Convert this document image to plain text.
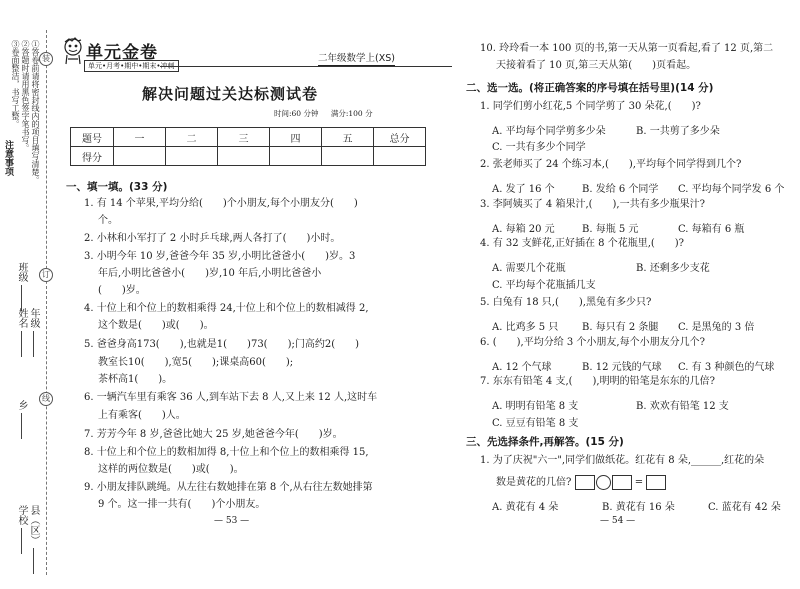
装
订
线
①答卷前请将密封线内的项目填写清楚。
②答题时请用黑色签字笔书写。
③卷面整洁，书写工整。
注意事项
班级
年级
姓名
乡
县（区）
学校
单元金卷
单元•月考•期中•期末•冲刺
二年级数学上(XS)
解决问题过关达标测试卷
时间:60 分钟 满分:100 分
题号	一	二	三	四	五	总分
得分						
一、填一填。(33 分)
1. 有 14 个苹果,平均分给(　　)个小朋友,每个小朋友分(　　)
个。
2. 小林和小军打了 2 小时乒乓球,两人各打了(　　)小时。
3. 小明今年 10 岁,爸爸今年 35 岁,小明比爸爸小(　　)岁。3
年后,小明比爸爸小(　　)岁,10 年后,小明比爸爸小
(　　)岁。
4. 十位上和个位上的数相乘得 24,十位上和个位上的数相减得 2,
这个数是(　　)或(　　)。
5. 爸爸身高173(　　),也就是1(　　)73(　　);门高约2(　　)
教室长10(　　),宽5(　　);课桌高60(　　);
茶杯高1(　　)。
6. 一辆汽车里有乘客 36 人,到车站下去 8 人,又上来 12 人,这时车
上有乘客(　　)人。
7. 芳芳今年 8 岁,爸爸比她大 25 岁,她爸爸今年(　　)岁。
8. 十位上和个位上的数相加得 8,十位上和个位上的数相乘得 15,
这样的两位数是(　　)或(　　)。
9. 小朋友排队跳绳。从左往右数她排在第 8 个,从右往左数她排第
9 个。这一排一共有(　　)个小朋友。
— 53 —
10. 玲玲看一本 100 页的书,第一天从第一页看起,看了 12 页,第二
天接着看了 10 页,第三天从第(　　)页看起。
二、选一选。(将正确答案的序号填在括号里)(14 分)
1. 同学们剪小红花,5 个同学剪了 30 朵花,(　　)?
A. 平均每个同学剪多少朵	B. 一共剪了多少朵
C. 一共有多少个同学
2. 张老师买了 24 个练习本,(　　),平均每个同学得到几个?
A. 发了 16 个	B. 发给 6 个同学 C. 平均每个同学发 6 个
3. 李阿姨买了 4 箱果汁,(　　),一共有多少瓶果汁?
A. 每箱 20 元	B. 每瓶 5 元	C. 每箱有 6 瓶
4. 有 32 支鲜花,正好插在 8 个花瓶里,(　　)?
A. 需要几个花瓶	B. 还剩多少支花
C. 平均每个花瓶插几支
5. 白兔有 18 只,(　　),黑兔有多少只?
A. 比鸡多 5 只 B. 每只有 2 条腿 C. 是黑兔的 3 倍
6. (　　),平均分给 3 个小朋友,每个小朋友分几个?
A. 12 个气球	B. 12 元钱的气球 C. 有 3 种颜色的气球
7. 东东有铅笔 4 支,(　　),明明的铅笔是东东的几倍?
A. 明明有铅笔 8 支	B. 欢欢有铅笔 12 支
C. 豆豆有铅笔 8 支
三、先选择条件,再解答。(15 分)
1. 为了庆祝"六一",同学们做纸花。红花有 8 朵,______,红花的朵
数是黄花的几倍?	=
A. 黄花有 4 朵	B. 黄花有 16 朵	C. 蓝花有 42 朵
— 54 —
